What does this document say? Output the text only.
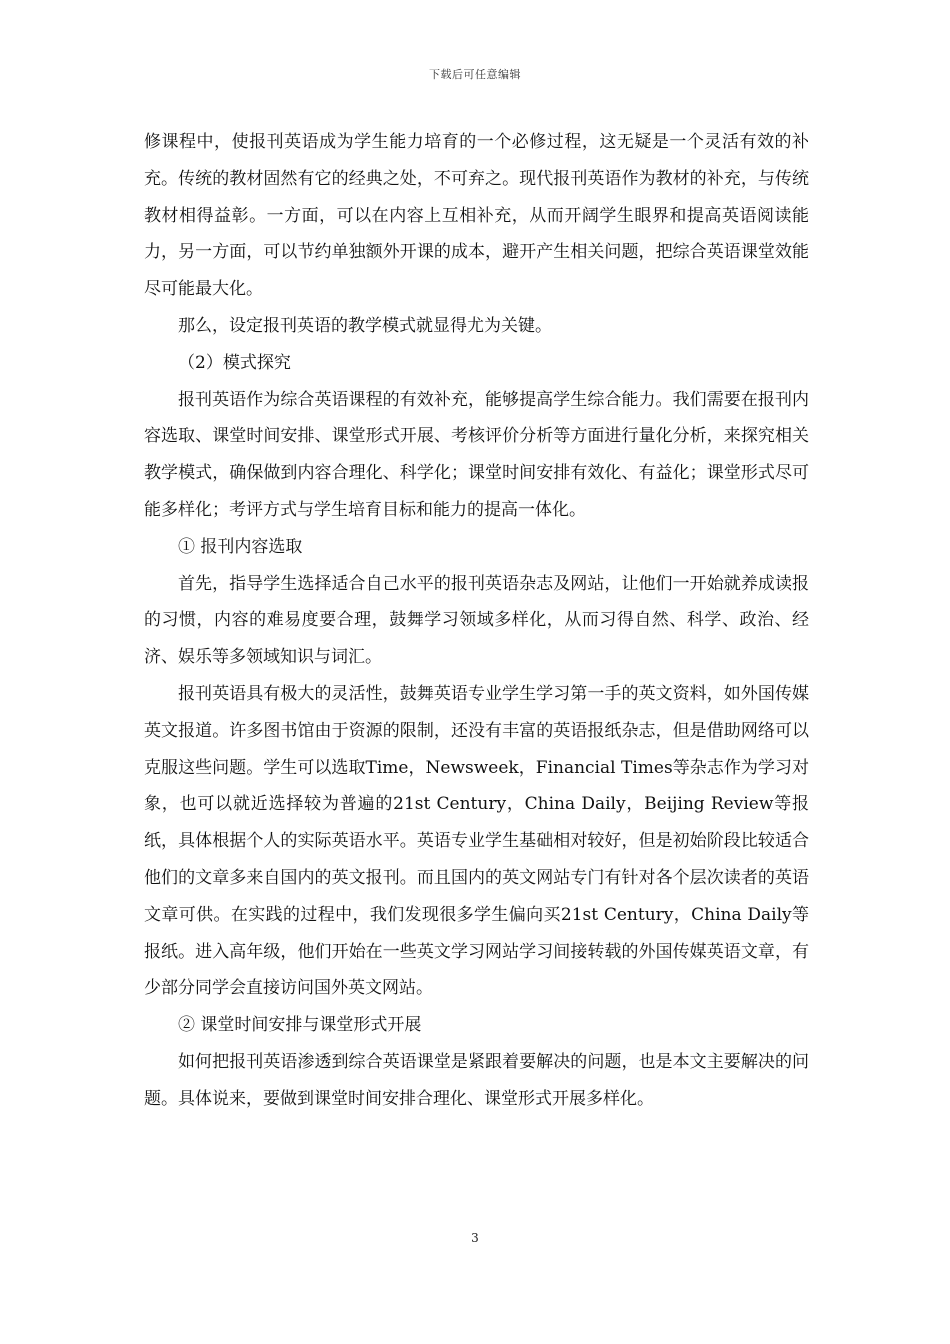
下载后可任意编辑

修课程中，使报刊英语成为学生能力培育的一个必修过程，这无疑是一个灵活有效的补充。传统的教材固然有它的经典之处，不可弃之。现代报刊英语作为教材的补充，与传统教材相得益彰。一方面，可以在内容上互相补充，从而开阔学生眼界和提高英语阅读能力，另一方面，可以节约单独额外开课的成本，避开产生相关问题，把综合英语课堂效能尽可能最大化。

那么，设定报刊英语的教学模式就显得尤为关键。

（2）模式探究

报刊英语作为综合英语课程的有效补充，能够提高学生综合能力。我们需要在报刊内容选取、课堂时间安排、课堂形式开展、考核评价分析等方面进行量化分析，来探究相关教学模式，确保做到内容合理化、科学化；课堂时间安排有效化、有益化；课堂形式尽可能多样化；考评方式与学生培育目标和能力的提高一体化。

① 报刊内容选取

首先，指导学生选择适合自己水平的报刊英语杂志及网站，让他们一开始就养成读报的习惯，内容的难易度要合理，鼓舞学习领域多样化，从而习得自然、科学、政治、经济、娱乐等多领域知识与词汇。

报刊英语具有极大的灵活性，鼓舞英语专业学生学习第一手的英文资料，如外国传媒英文报道。许多图书馆由于资源的限制，还没有丰富的英语报纸杂志，但是借助网络可以克服这些问题。学生可以选取Time，Newsweek，Financial Times等杂志作为学习对象，也可以就近选择较为普遍的21st Century，China Daily，Beijing Review等报纸，具体根据个人的实际英语水平。英语专业学生基础相对较好，但是初始阶段比较适合他们的文章多来自国内的英文报刊。而且国内的英文网站专门有针对各个层次读者的英语文章可供。在实践的过程中，我们发现很多学生偏向买21st Century，China Daily等报纸。进入高年级，他们开始在一些英文学习网站学习间接转载的外国传媒英语文章，有少部分同学会直接访问国外英文网站。

② 课堂时间安排与课堂形式开展

如何把报刊英语渗透到综合英语课堂是紧跟着要解决的问题，也是本文主要解决的问题。具体说来，要做到课堂时间安排合理化、课堂形式开展多样化。

3
